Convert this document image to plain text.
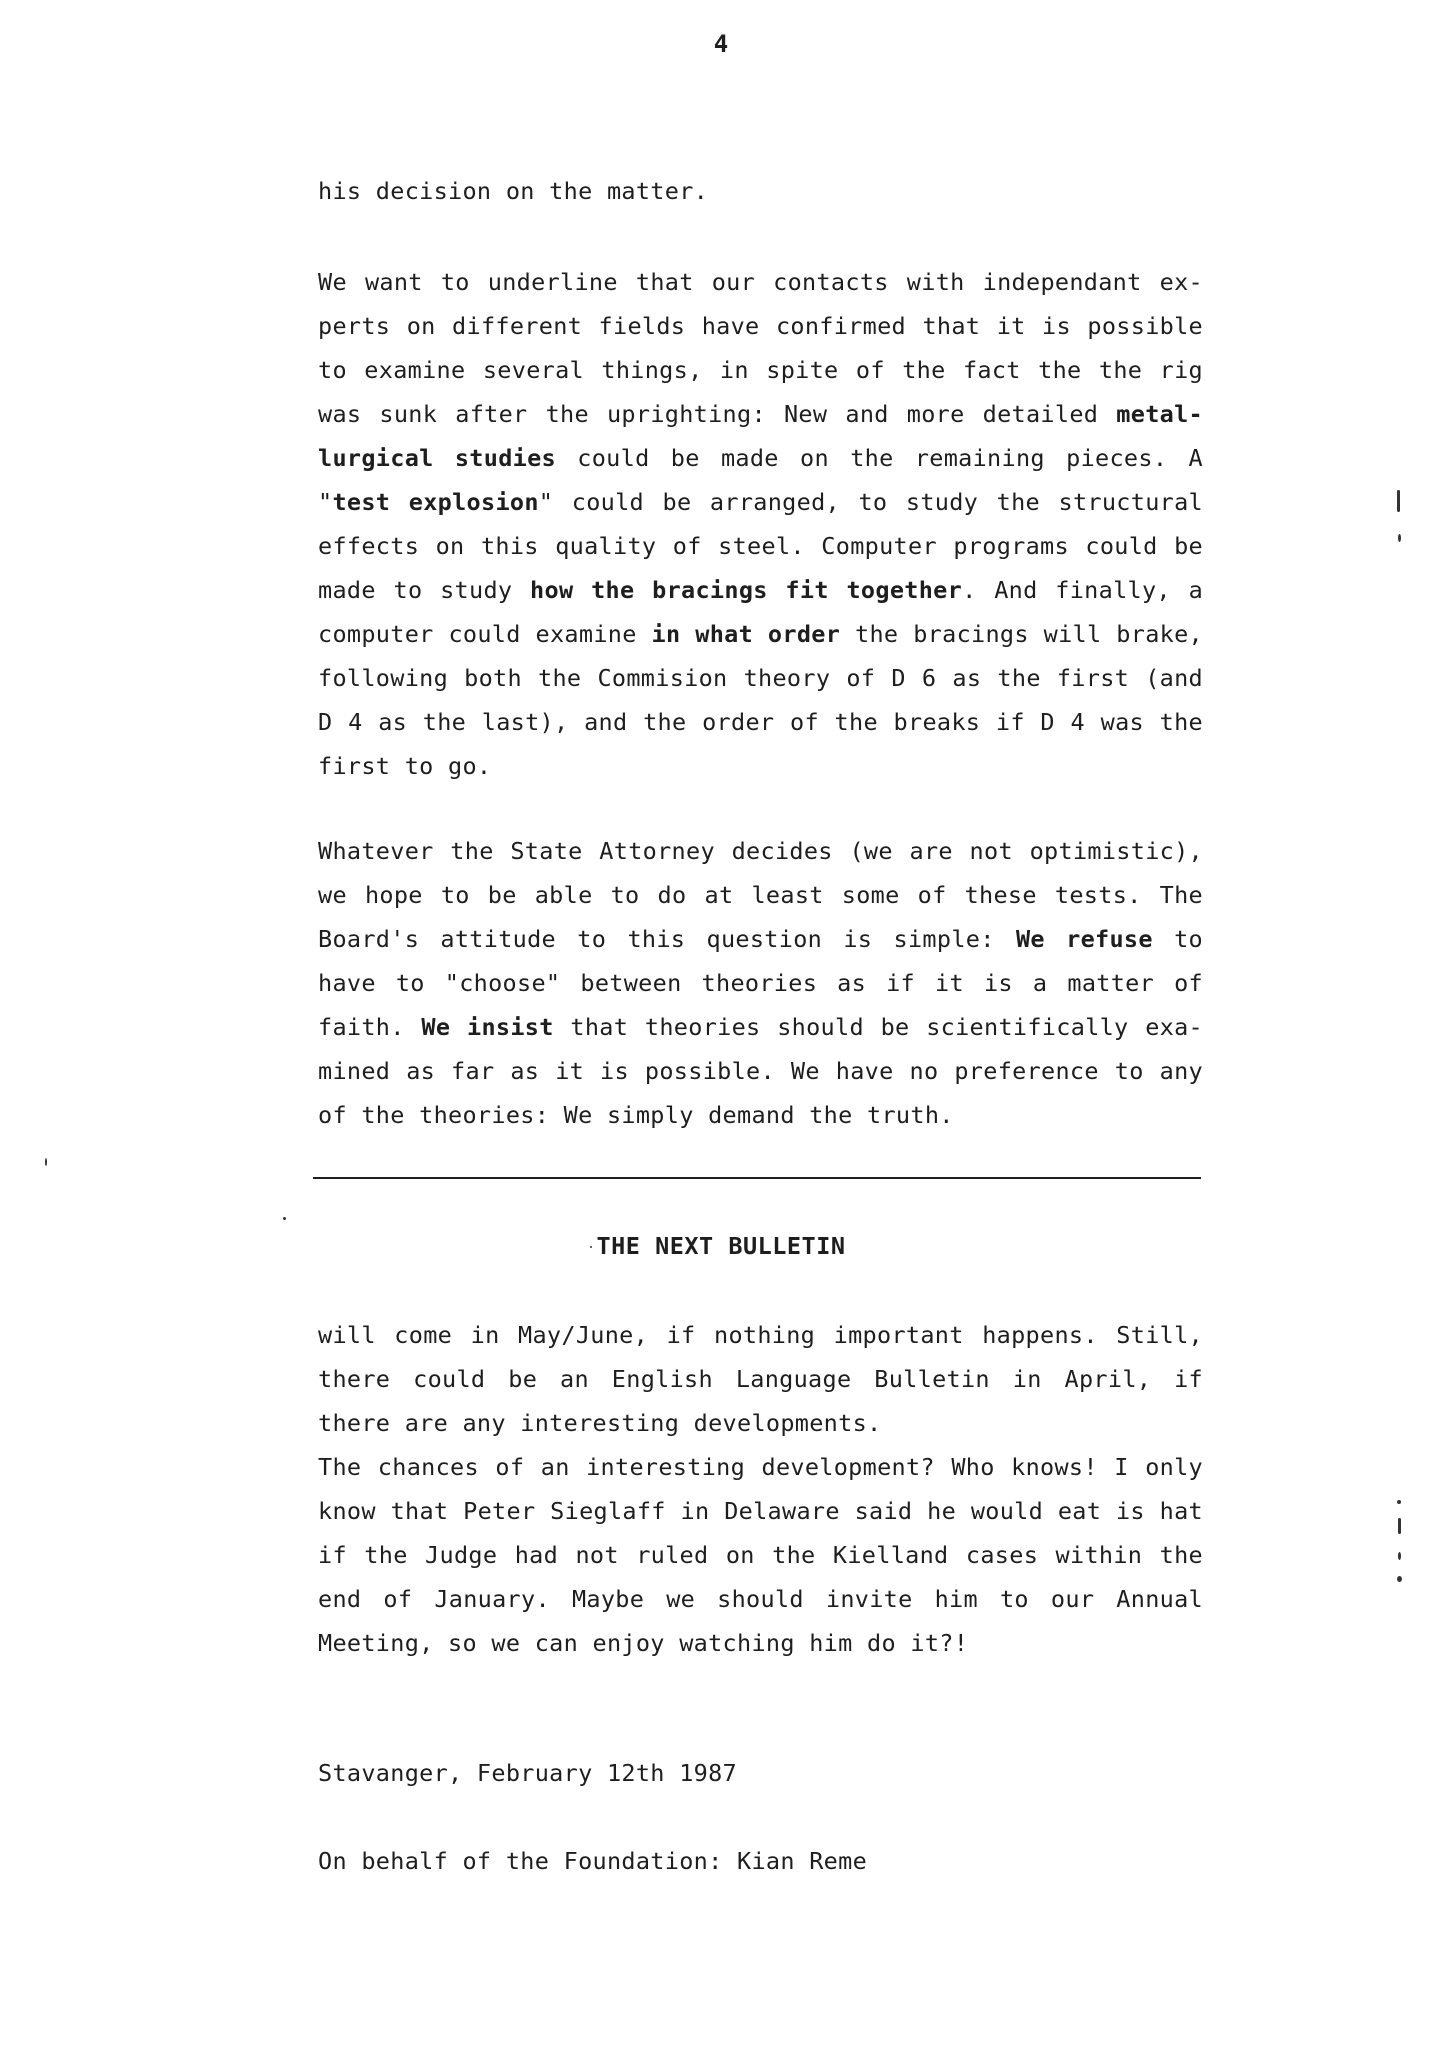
4
his decision on the matter.
We want to underline that our contacts with independant ex-
perts on different fields have confirmed that it is possible
to examine several things, in spite of the fact the the rig
was sunk after the uprighting: New and more detailed metal-
lurgical studies could be made on the remaining pieces. A
"test explosion" could be arranged, to study the structural
effects on this quality of steel. Computer programs could be
made to study how the bracings fit together. And finally, a
computer could examine in what order the bracings will brake,
following both the Commision theory of D 6 as the first (and
D 4 as the last), and the order of the breaks if D 4 was the
first to go.
Whatever the State Attorney decides (we are not optimistic),
we hope to be able to do at least some of these tests. The
Board's attitude to this question is simple: We refuse to
have to "choose" between theories as if it is a matter of
faith. We insist that theories should be scientifically exa-
mined as far as it is possible. We have no preference to any
of the theories: We simply demand the truth.
THE NEXT BULLETIN
will come in May/June, if nothing important happens. Still,
there could be an English Language Bulletin in April, if
there are any interesting developments.
The chances of an interesting development? Who knows! I only
know that Peter Sieglaff in Delaware said he would eat is hat
if the Judge had not ruled on the Kielland cases within the
end of January. Maybe we should invite him to our Annual
Meeting, so we can enjoy watching him do it?!
Stavanger, February 12th 1987
On behalf of the Foundation: Kian Reme
